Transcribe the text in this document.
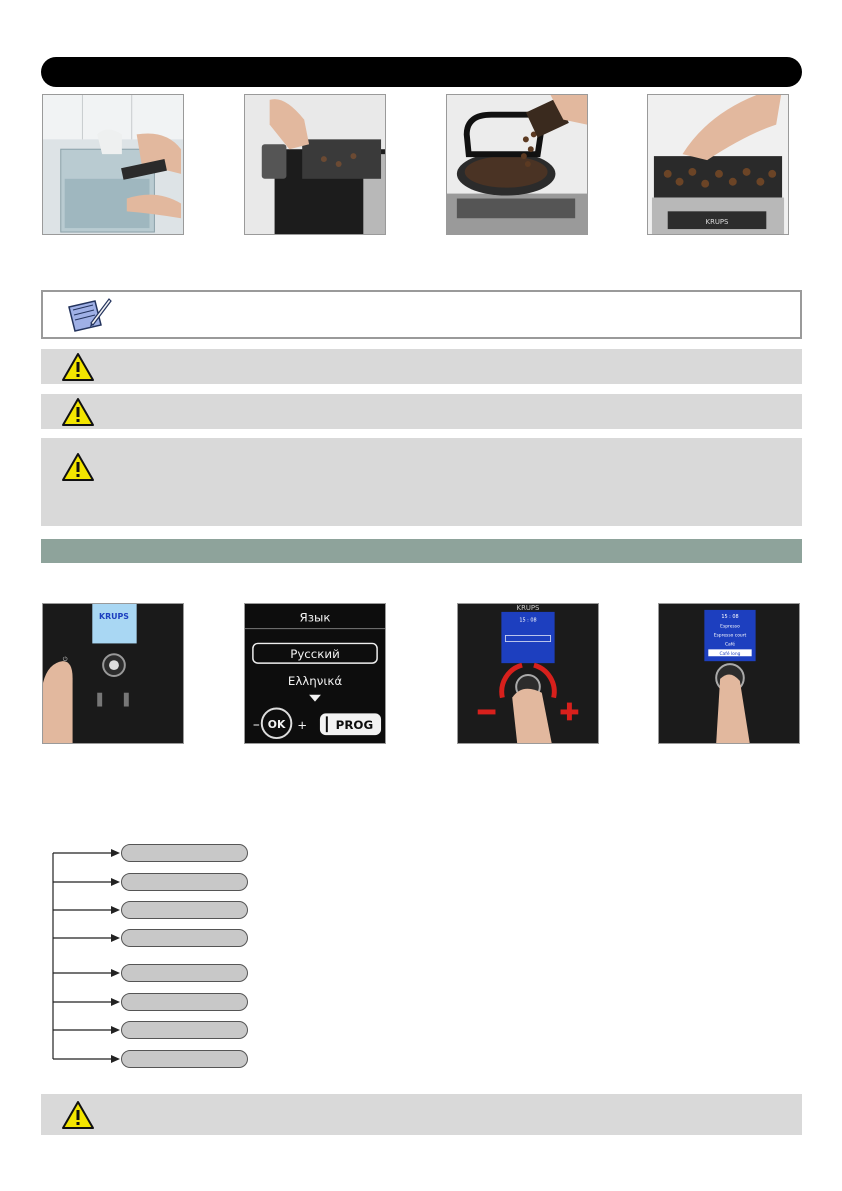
KRUPS
KRUPS
⏻
Язык
Русский
Ελληνικά
OK
–	+ PROG
KRUPS
15 : 08
15 : 08
Espresso
Espresso court
Café
Café long
